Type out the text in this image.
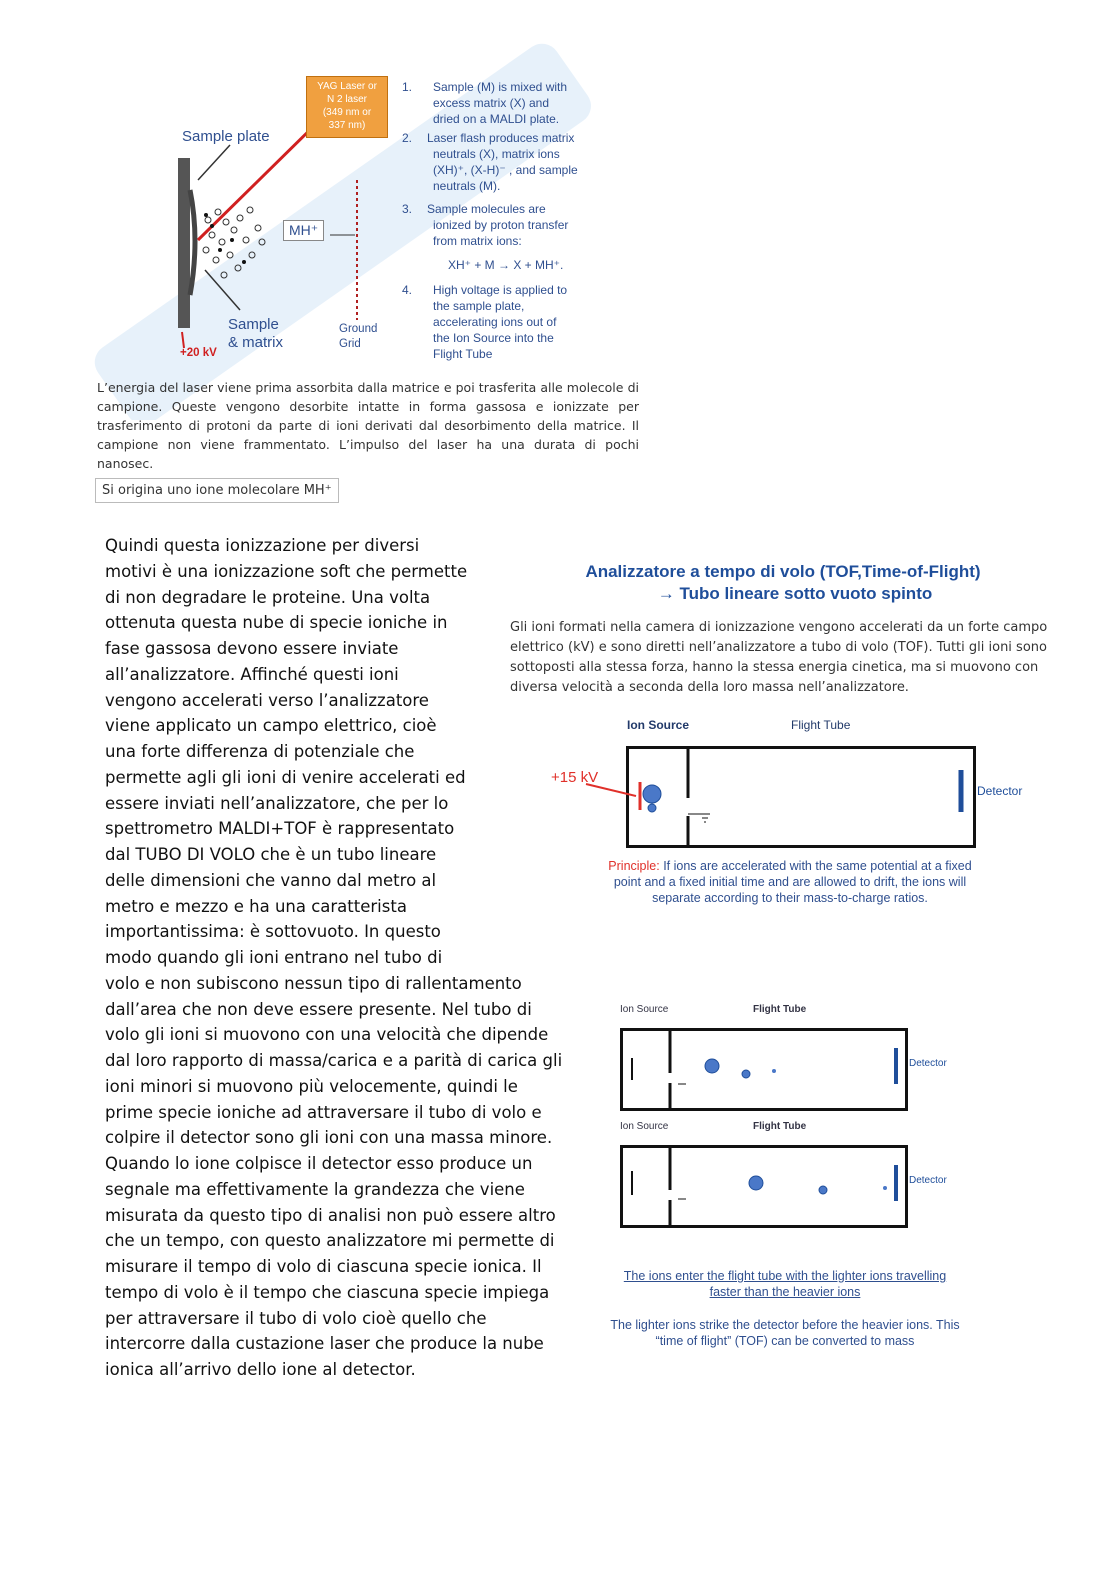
YAG Laser or
N 2 laser
(349 nm or
337 nm)
Sample plate
MH⁺
Sample
& matrix
Ground
Grid
+20 kV
1. Sample (M) is mixed with
excess matrix (X) and
dried on a MALDI plate.
2. Laser flash produces matrix
neutrals (X), matrix ions
(XH)⁺, (X-H)⁻ , and sample
neutrals (M).
3. Sample molecules are
ionized by proton transfer
from matrix ions:
XH⁺ + M → X + MH⁺.
4. High voltage is applied to
the sample plate,
accelerating ions out of
the Ion Source into the
Flight Tube
L’energia del laser viene prima assorbita dalla matrice e poi trasferita alle molecole di campione. Queste vengono desorbite intatte in forma gassosa e ionizzate per trasferimento di protoni da parte di ioni derivati dal desorbimento della matrice. Il campione non viene frammentato. L’impulso del laser ha una durata di pochi nanosec.
Si origina uno ione molecolare MH⁺
Quindi questa ionizzazione per diversi
motivi è una ionizzazione soft che permette
di non degradare le proteine. Una volta
ottenuta questa nube di specie ioniche in
fase gassosa devono essere inviate
all’analizzatore. Affinché questi ioni
vengono accelerati verso l’analizzatore
viene applicato un campo elettrico, cioè
una forte differenza di potenziale che
permette agli gli ioni di venire accelerati ed
essere inviati nell’analizzatore, che per lo
spettrometro MALDI+TOF è rappresentato
dal TUBO DI VOLO che è un tubo lineare
delle dimensioni che vanno dal metro al
metro e mezzo e ha una caratterista
importantissima: è sottovuoto. In questo
modo quando gli ioni entrano nel tubo di
volo e non subiscono nessun tipo di rallentamento
dall’area che non deve essere presente. Nel tubo di
volo gli ioni si muovono con una velocità che dipende
dal loro rapporto di massa/carica e a parità di carica gli
ioni minori si muovono più velocemente, quindi le
prime specie ioniche ad attraversare il tubo di volo e
colpire il detector sono gli ioni con una massa minore.
Quando lo ione colpisce il detector esso produce un
segnale ma effettivamente la grandezza che viene
misurata da questo tipo di analisi non può essere altro
che un tempo, con questo analizzatore mi permette di
misurare il tempo di volo di ciascuna specie ionica. Il
tempo di volo è il tempo che ciascuna specie impiega
per attraversare il tubo di volo cioè quello che
intercorre dalla custazione laser che produce la nube
ionica all’arrivo dello ione al detector.
Analizzatore a tempo di volo (TOF,Time-of-Flight)
→ Tubo lineare sotto vuoto spinto
Gli ioni formati nella camera di ionizzazione vengono accelerati da un forte campo elettrico (kV) e sono diretti nell’analizzatore a tubo di volo (TOF). Tutti gli ioni sono sottoposti alla stessa forza, hanno la stessa energia cinetica, ma si muovono con diversa velocità a seconda della loro massa nell’analizzatore.
Ion Source	Flight Tube
+15 kV
Detector
Principle: If ions are accelerated with the same potential at a fixed point and a fixed initial time and are allowed to drift, the ions will separate according to their mass-to-charge ratios.
Ion Source	Flight Tube
Detector
Ion Source	Flight Tube
Detector
The ions enter the flight tube with the lighter ions travelling faster than the heavier ions
The lighter ions strike the detector before the heavier ions. This “time of flight” (TOF) can be converted to mass
